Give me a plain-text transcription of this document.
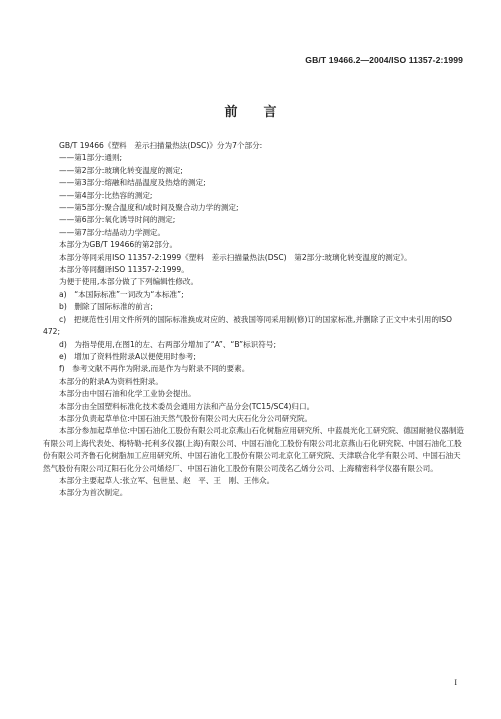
GB/T 19466.2—2004/ISO 11357-2:1999
前言

GB/T 19466《塑料　差示扫描量热法(DSC)》分为7个部分:

——第1部分:通则;

——第2部分:玻璃化转变温度的测定;

——第3部分:熔融和结晶温度及热焓的测定;

——第4部分:比热容的测定;

——第5部分:聚合温度和/或时间及聚合动力学的测定;

——第6部分:氧化诱导时间的测定;

——第7部分:结晶动力学测定。

本部分为GB/T 19466的第2部分。

本部分等同采用ISO 11357-2:1999《塑料　差示扫描量热法(DSC)　第2部分:玻璃化转变温度的测定》。

本部分等同翻译ISO 11357-2:1999。

为便于使用,本部分做了下列编辑性修改。

a)　“本国际标准”一词改为“本标准”;

b)　删除了国际标准的前言;

c)　把规范性引用文件所列的国际标准换成对应的、被我国等同采用制(修)订的国家标准,并删除了正文中未引用的ISO 472;

d)　为指导使用,在图1的左、右两部分增加了“A”、“B”标识符号;

e)　增加了资料性附录A以便使用时参考;

f)　参考文献不再作为附录,而是作为与附录不同的要素。

本部分的附录A为资料性附录。

本部分由中国石油和化学工业协会提出。

本部分由全国塑料标准化技术委员会通用方法和产品分会(TC15/SC4)归口。

本部分负责起草单位:中国石油天然气股份有限公司大庆石化分公司研究院。

本部分参加起草单位:中国石油化工股份有限公司北京燕山石化树脂应用研究所、中蓝晨光化工研究院、德国耐驰仪器制造有限公司上海代表处、梅特勒-托利多仪器(上海)有限公司、中国石油化工股份有限公司北京燕山石化研究院、中国石油化工股份有限公司齐鲁石化树脂加工应用研究所、中国石油化工股份有限公司北京化工研究院、天津联合化学有限公司、中国石油天然气股份有限公司辽阳石化分公司烯烃厂、中国石油化工股份有限公司茂名乙烯分公司、上海精密科学仪器有限公司。

本部分主要起草人:张立军、包世星、赵　平、王　刚、王伟众。

本部分为首次制定。

I
